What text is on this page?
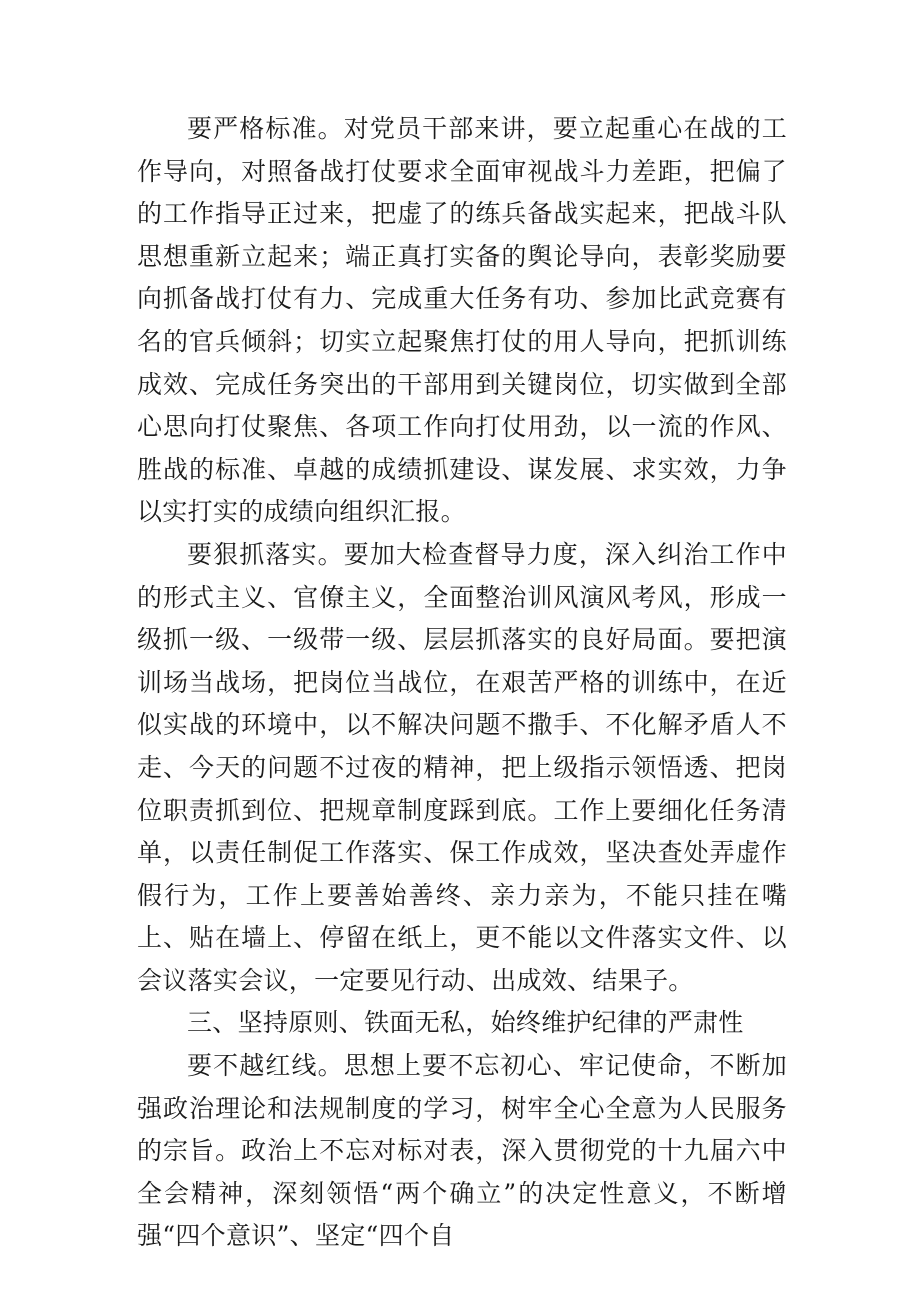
要严格标准。对党员干部来讲，要立起重心在战的工作导向，对照备战打仗要求全面审视战斗力差距，把偏了的工作指导正过来，把虚了的练兵备战实起来，把战斗队思想重新立起来；端正真打实备的舆论导向，表彰奖励要向抓备战打仗有力、完成重大任务有功、参加比武竞赛有名的官兵倾斜；切实立起聚焦打仗的用人导向，把抓训练成效、完成任务突出的干部用到关键岗位，切实做到全部心思向打仗聚焦、各项工作向打仗用劲，以一流的作风、胜战的标准、卓越的成绩抓建设、谋发展、求实效，力争以实打实的成绩向组织汇报。

要狠抓落实。要加大检查督导力度，深入纠治工作中的形式主义、官僚主义，全面整治训风演风考风，形成一级抓一级、一级带一级、层层抓落实的良好局面。要把演训场当战场，把岗位当战位，在艰苦严格的训练中，在近似实战的环境中，以不解决问题不撒手、不化解矛盾人不走、今天的问题不过夜的精神，把上级指示领悟透、把岗位职责抓到位、把规章制度踩到底。工作上要细化任务清单，以责任制促工作落实、保工作成效，坚决查处弄虚作假行为，工作上要善始善终、亲力亲为，不能只挂在嘴上、贴在墙上、停留在纸上，更不能以文件落实文件、以会议落实会议，一定要见行动、出成效、结果子。

三、坚持原则、铁面无私，始终维护纪律的严肃性

要不越红线。思想上要不忘初心、牢记使命，不断加强政治理论和法规制度的学习，树牢全心全意为人民服务的宗旨。政治上不忘对标对表，深入贯彻党的十九届六中全会精神，深刻领悟“两个确立”的决定性意义，不断增强“四个意识”、坚定“四个自
